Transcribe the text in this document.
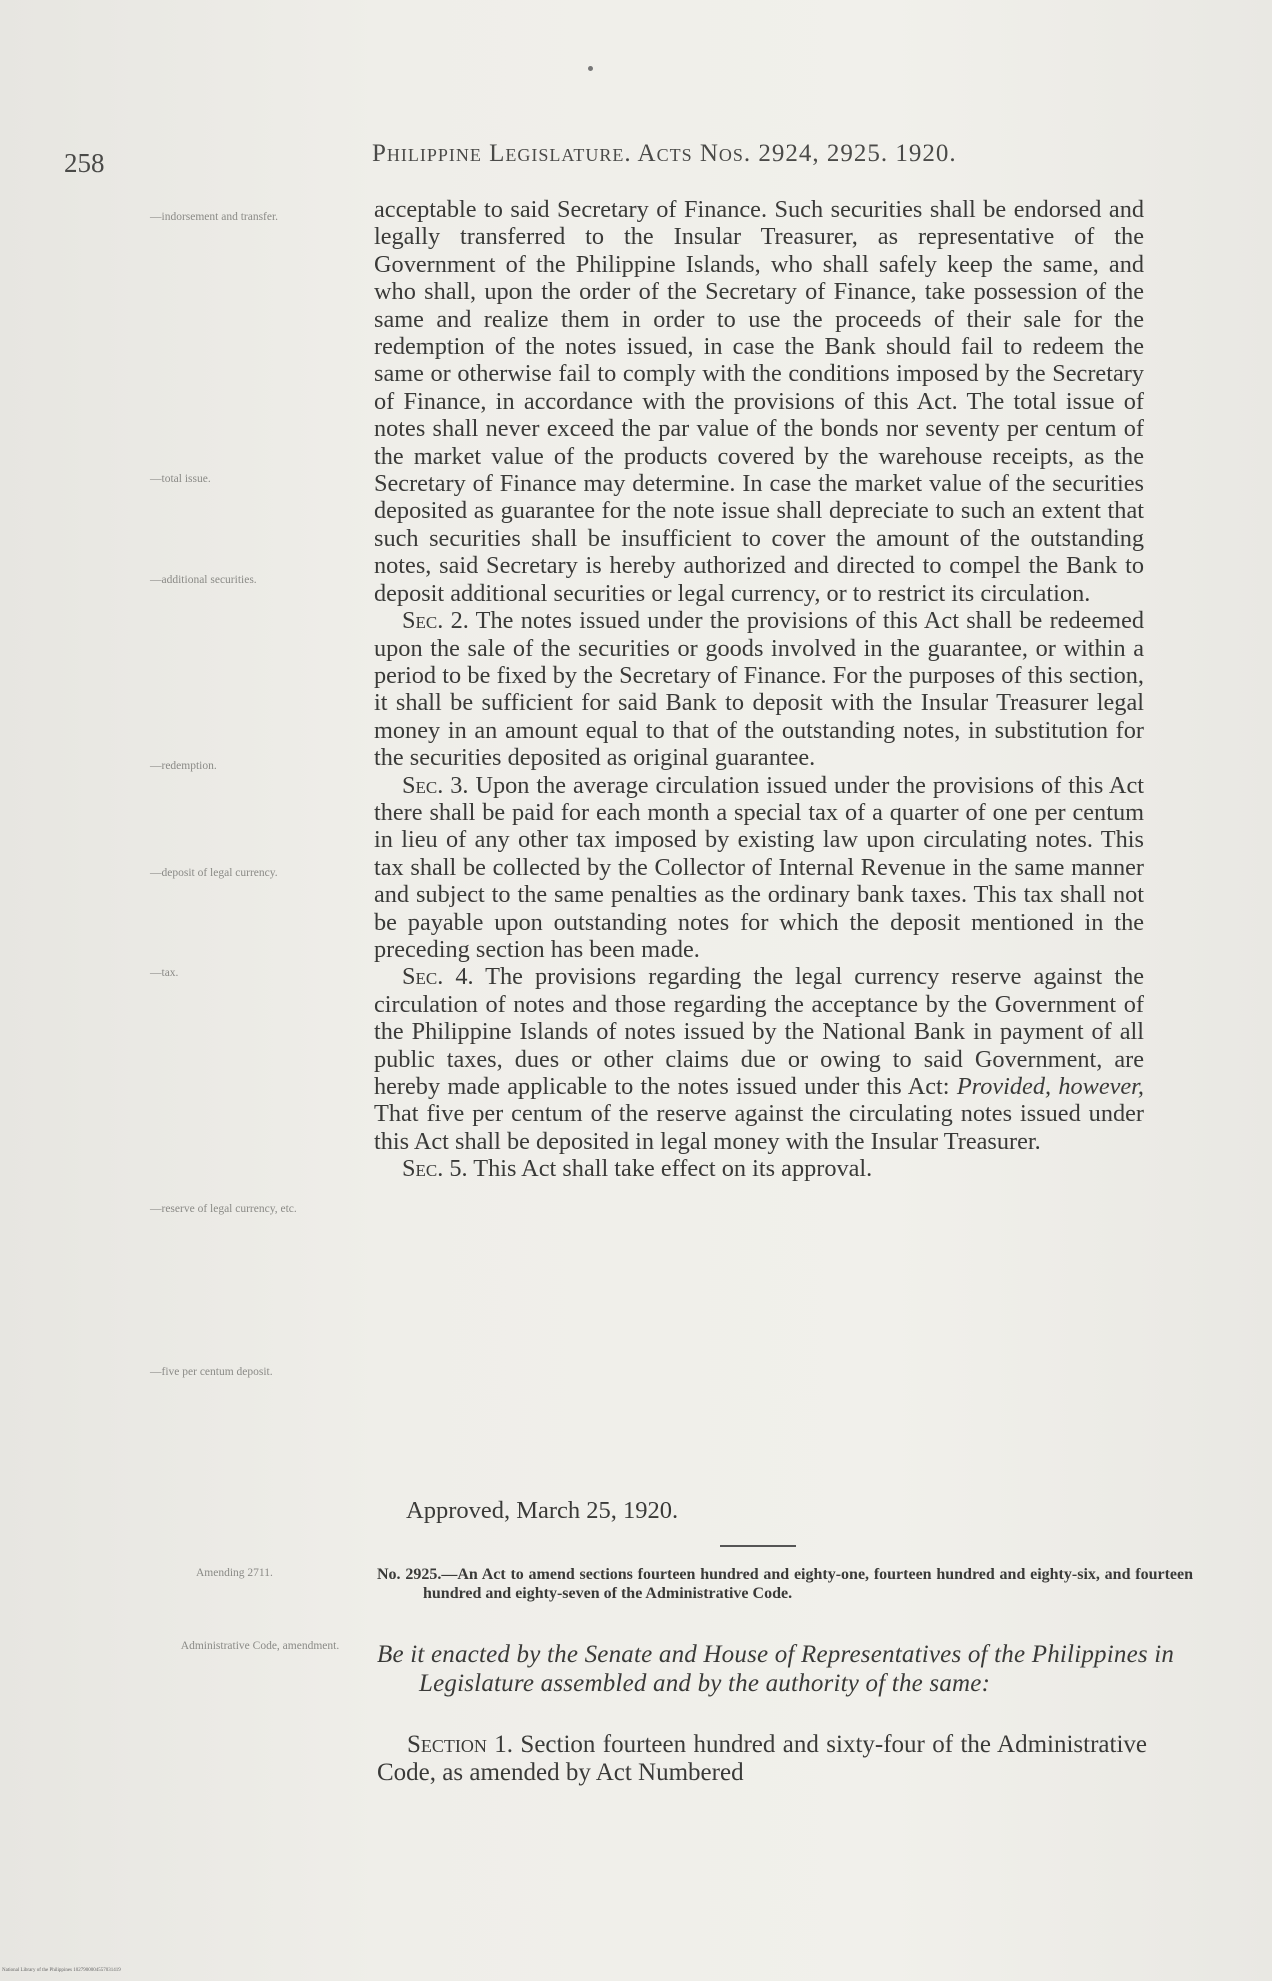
258	Philippine Legislature. Acts Nos. 2924, 2925. 1920.
—indorsement and transfer.
—total issue.
—additional securities.
—redemption.
—deposit of legal currency.
—tax.
—reserve of legal currency, etc.
—five per centum deposit.
Amending 2711.
Administrative Code, amendment.

acceptable to said Secretary of Finance. Such securities shall be endorsed and legally transferred to the Insular Treasurer, as representative of the Government of the Philippine Islands, who shall safely keep the same, and who shall, upon the order of the Secretary of Finance, take possession of the same and realize them in order to use the proceeds of their sale for the redemption of the notes issued, in case the Bank should fail to redeem the same or otherwise fail to comply with the conditions imposed by the Secretary of Finance, in accordance with the provisions of this Act. The total issue of notes shall never exceed the par value of the bonds nor seventy per centum of the market value of the products covered by the warehouse receipts, as the Secretary of Finance may determine. In case the market value of the securities deposited as guarantee for the note issue shall depreciate to such an extent that such securities shall be insufficient to cover the amount of the outstanding notes, said Secretary is hereby authorized and directed to compel the Bank to deposit additional securities or legal currency, or to restrict its circulation.

Sec. 2. The notes issued under the provisions of this Act shall be redeemed upon the sale of the securities or goods involved in the guarantee, or within a period to be fixed by the Secretary of Finance. For the purposes of this section, it shall be sufficient for said Bank to deposit with the Insular Treasurer legal money in an amount equal to that of the outstanding notes, in substitution for the securities deposited as original guarantee.

Sec. 3. Upon the average circulation issued under the provisions of this Act there shall be paid for each month a special tax of a quarter of one per centum in lieu of any other tax imposed by existing law upon circulating notes. This tax shall be collected by the Collector of Internal Revenue in the same manner and subject to the same penalties as the ordinary bank taxes. This tax shall not be payable upon outstanding notes for which the deposit mentioned in the preceding section has been made.

Sec. 4. The provisions regarding the legal currency reserve against the circulation of notes and those regarding the acceptance by the Government of the Philippine Islands of notes issued by the National Bank in payment of all public taxes, dues or other claims due or owing to said Government, are hereby made applicable to the notes issued under this Act: Provided, however, That five per centum of the reserve against the circulating notes issued under this Act shall be deposited in legal money with the Insular Treasurer.

Sec. 5. This Act shall take effect on its approval.

Approved, March 25, 1920.
No. 2925.—An Act to amend sections fourteen hundred and eighty-one, fourteen hundred and eighty-six, and fourteen hundred and eighty-seven of the Administrative Code.
Be it enacted by the Senate and House of Representatives of the Philippines in Legislature assembled and by the authority of the same:
Section 1. Section fourteen hundred and sixty-four of the Administrative Code, as amended by Act Numbered
National Library of the Philippines 1027900004557031419
